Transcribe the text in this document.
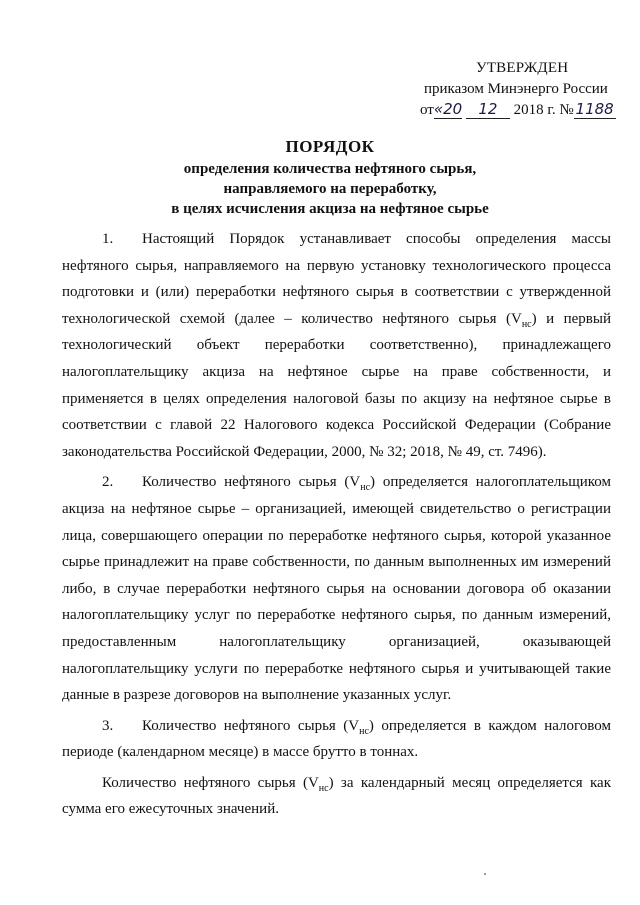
УТВЕРЖДЕН
приказом Минэнерго России
от«20 12 2018 г. № 1188
ПОРЯДОК
определения количества нефтяного сырья,
направляемого на переработку,
в целях исчисления акциза на нефтяное сырье

1. Настоящий Порядок устанавливает способы определения массы нефтяного сырья, направляемого на первую установку технологического процесса подготовки и (или) переработки нефтяного сырья в соответствии с утвержденной технологической схемой (далее – количество нефтяного сырья $(V_{нс})$ и первый технологический объект переработки соответственно), принадлежащего налогоплательщику акциза на нефтяное сырье на праве собственности, и применяется в целях определения налоговой базы по акцизу на нефтяное сырье в соответствии с главой 22 Налогового кодекса Российской Федерации (Собрание законодательства Российской Федерации, 2000, № 32; 2018, № 49, ст. 7496).

2. Количество нефтяного сырья $(V_{нс})$ определяется налогоплательщиком акциза на нефтяное сырье – организацией, имеющей свидетельство о регистрации лица, совершающего операции по переработке нефтяного сырья, которой указанное сырье принадлежит на праве собственности, по данным выполненных им измерений либо, в случае переработки нефтяного сырья на основании договора об оказании налогоплательщику услуг по переработке нефтяного сырья, по данным измерений, предоставленным налогоплательщику организацией, оказывающей налогоплательщику услуги по переработке нефтяного сырья и учитывающей такие данные в разрезе договоров на выполнение указанных услуг.

3. Количество нефтяного сырья $(V_{нс})$ определяется в каждом налоговом периоде (календарном месяце) в массе брутто в тоннах.

Количество нефтяного сырья $(V_{нс})$ за календарный месяц определяется как сумма его ежесуточных значений.
